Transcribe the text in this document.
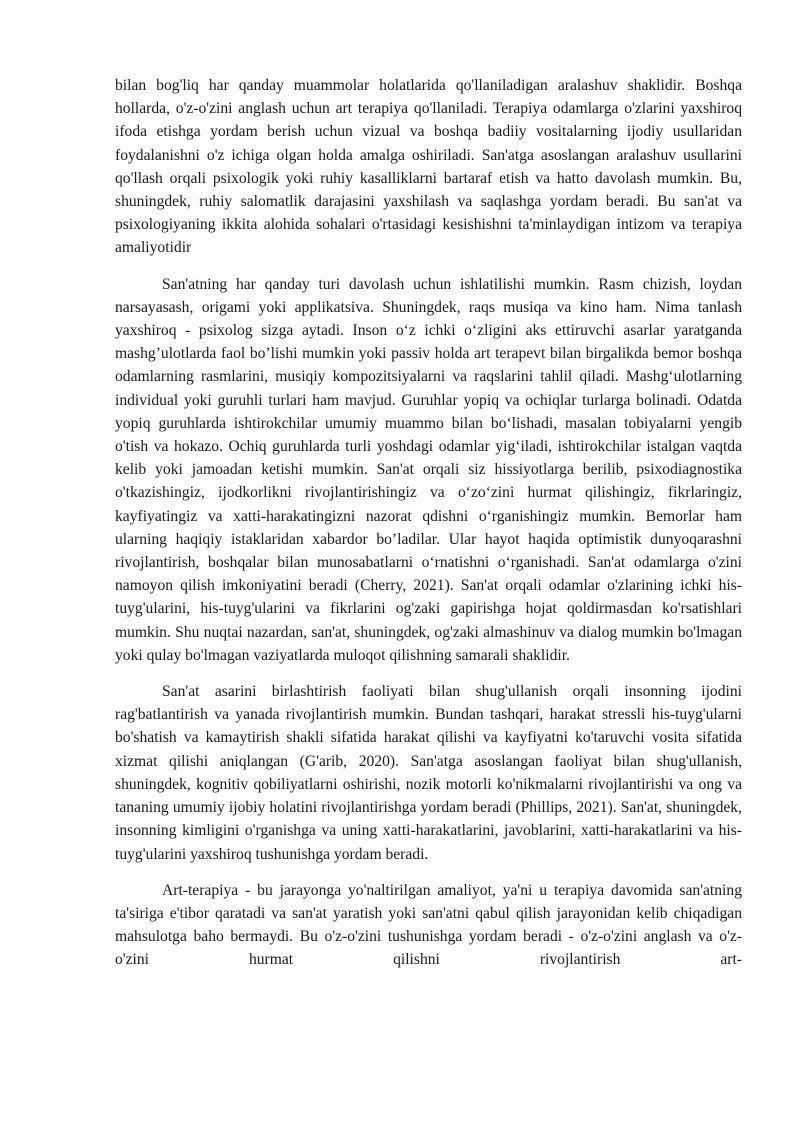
bilan bog'liq har qanday muammolar holatlarida qo'llaniladigan aralashuv shaklidir. Boshqa hollarda, o'z-o'zini anglash uchun art terapiya qo'llaniladi. Terapiya odamlarga o'zlarini yaxshiroq ifoda etishga yordam berish uchun vizual va boshqa badiiy vositalarning ijodiy usullaridan foydalanishni o'z ichiga olgan holda amalga oshiriladi. San'atga asoslangan aralashuv usullarini qo'llash orqali psixologik yoki ruhiy kasalliklarni bartaraf etish va hatto davolash mumkin. Bu, shuningdek, ruhiy salomatlik darajasini yaxshilash va saqlashga yordam beradi. Bu san'at va psixologiyaning ikkita alohida sohalari o'rtasidagi kesishishni ta'minlaydigan intizom va terapiya amaliyotidir

San'atning har qanday turi davolash uchun ishlatilishi mumkin. Rasm chizish, loydan narsayasash, origami yoki applikatsiva. Shuningdek, raqs musiqa va kino ham. Nima tanlash yaxshiroq - psixolog sizga aytadi. Inson o‘z ichki o‘zligini aks ettiruvchi asarlar yaratganda mashg’ulotlarda faol bo’lishi mumkin yoki passiv holda art terapevt bilan birgalikda bemor boshqa odamlarning rasmlarini, musiqiy kompozitsiyalarni va raqslarini tahlil qiladi. Mashg‘ulotlarning individual yoki guruhli turlari ham mavjud. Guruhlar yopiq va ochiqlar turlarga bolinadi. Odatda yopiq guruhlarda ishtirokchilar umumiy muammo bilan bo‘lishadi, masalan tobiyalarni yengib o'tish va hokazo. Ochiq guruhlarda turli yoshdagi odamlar yig‘iladi, ishtirokchilar istalgan vaqtda kelib yoki jamoadan ketishi mumkin. San'at orqali siz hissiyotlarga berilib, psixodiagnostika o'tkazishingiz, ijodkorlikni rivojlantirishingiz va o‘zo‘zini hurmat qilishingiz, fikrlaringiz, kayfiyatingiz va xatti-harakatingizni nazorat qdishni o‘rganishingiz mumkin. Bemorlar ham ularning haqiqiy istaklaridan xabardor bo’ladilar. Ular hayot haqida optimistik dunyoqarashni rivojlantirish, boshqalar bilan munosabatlarni o‘rnatishni o‘rganishadi. San'at odamlarga o'zini namoyon qilish imkoniyatini beradi (Cherry, 2021). San'at orqali odamlar o'zlarining ichki his-tuyg'ularini, his-tuyg'ularini va fikrlarini og'zaki gapirishga hojat qoldirmasdan ko'rsatishlari mumkin. Shu nuqtai nazardan, san'at, shuningdek, og'zaki almashinuv va dialog mumkin bo'lmagan yoki qulay bo'lmagan vaziyatlarda muloqot qilishning samarali shaklidir.

San'at asarini birlashtirish faoliyati bilan shug'ullanish orqali insonning ijodini rag'batlantirish va yanada rivojlantirish mumkin. Bundan tashqari, harakat stressli his-tuyg'ularni bo'shatish va kamaytirish shakli sifatida harakat qilishi va kayfiyatni ko'taruvchi vosita sifatida xizmat qilishi aniqlangan (G'arib, 2020). San'atga asoslangan faoliyat bilan shug'ullanish, shuningdek, kognitiv qobiliyatlarni oshirishi, nozik motorli ko'nikmalarni rivojlantirishi va ong va tananing umumiy ijobiy holatini rivojlantirishga yordam beradi (Phillips, 2021). San'at, shuningdek, insonning kimligini o'rganishga va uning xatti-harakatlarini, javoblarini, xatti-harakatlarini va his-tuyg'ularini yaxshiroq tushunishga yordam beradi.

Art-terapiya - bu jarayonga yo'naltirilgan amaliyot, ya'ni u terapiya davomida san'atning ta'siriga e'tibor qaratadi va san'at yaratish yoki san'atni qabul qilish jarayonidan kelib chiqadigan mahsulotga baho bermaydi. Bu o'z-o'zini tushunishga yordam beradi - o'z-o'zini anglash va o'z-o'zini hurmat qilishni rivojlantirish art-
